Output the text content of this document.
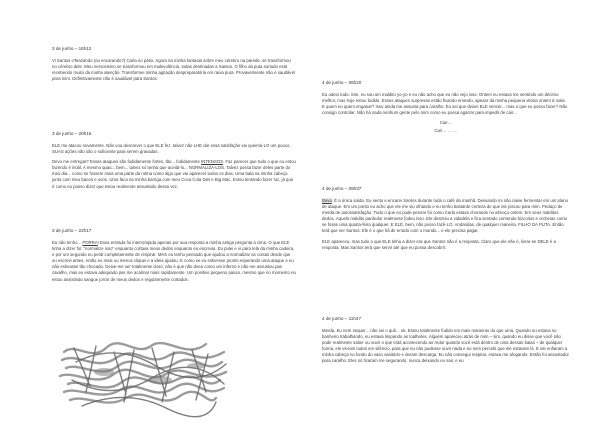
3 de junho – 16h12

Vi Santos oTeazando (ou encarando?) Carla no pátio. Agora na minha fantasia sobre meu cérebro na parede, se transformou no cérebro dele. Meu nervosismo se transformou em malevolência, todas destinadas a Santos. O filho da puta sortudo está recebendo muito da minha atenção. Transformei minha agitação despreparatória em raiva pura. Provavelmente não é saudável para mim. Definitivamente não é saudável para Santos.

3 de junho – 20h15

ELE me atacou novamente. Não vou descrever o que ELE fez, talvez não LHE dar essa satisfação vai queimá-LO um pouco. SUAS ações não são o suficiente para serem gravadas.

Devo me entregar? Essas ataques são fodidamente fortes, tão... fodidamente INTENSOS. Faz parecer que tudo o que eu estou fazendo é inútil. A mesmo quas... bem... talvez só tenha que aceitá-lo... NORMALIZÁ-LOS. Talvez possa fazer deles parte do meu dia... como se fossem mais uma parte da rotina como algo que vai aparecer todos os dias. Uma bala na minha cabeça junto com meu bacon e ovos. Uma faca na minha barriga com meu Coca Cola Diet e Big Mac. Estou tentando fazer luz, já que é como eu posso dizer que estou realmente assustado dessa vez.

3 de junho – 22h17

Eu não tenho... PORRA! Essa entrada foi interrompida apenas por sua resposta a minha antiga pergunta a cima. O que ELE tinha a dizer foi: "normalize isso" enquanto cortava meus dedos enquanto eu escrevia. Eu pulei e vi para tela da minha cadeira, e por um segundo eu perdi completamente de respirar. MAS eu tenho pensado que ajudou a normalizar as coisas desde que eu escrevi antes, então eu mais ou menos cliquei e a ideia ajudou. E como se eu estivesse pronto esperando uma ataque e eu não estivasse tão chocado. Deixe-me ser totalmente claro, não é que não doeu como um inferno e não me assustou pas cavalho, mas eu estava adequado pas me acalmar mais rapidamente. Um positivo pequeno passo, mesmo que no momento eu estou assistindo sangue jorrar de meus dedos e regularmente cortados.

4 de junho – 06h20

Eu odeio tudo. Sim, eu sou um maldito yo-yo e eu não acho que eu não vejo isso. Ontem eu estava me sentindo um décimo melhor, mas hoje estou fodido. Esses ataques surpresas estão ficando errando, apesar da minha pequena vitória ontem à noite. E quem eu quero enganar? Isso ainda me assusta para caralho. Eu sei que deixei ELE vencer... mas o que eu posso fazer? Não consigo controlar. Não há nada nenhum gente pelo mim como eu possa agarrar para impedir de cair...

Cair…

Cair… … …

4 de junho – 09h37

Bava. É a única saída. Eu sento e encarei Santos durante toda o café da manhã. Desvando mi não naive fermentar em um plano de ataque. Em um ponto eu acho que ele me viu olhando e eu tenho bastante certeza de que ele piscou para mim. Pedaço de merda de autossatisfação. Tudo o que eu pude pensar foi como Carla estava chorando no almoço ontem. Em seus malditos dedos. Aquele maldito pardedor realmente fodeu isso. Ele destruiu a vidadela e fica sentado comendo bizcoitos e orcheias como se fosse uma quarta-feira qualquer. E ELE, bem, não posso fazê-LO. Andaridas, de qualquer maneira. FILHO DA PUTA. Então terá que ser Santos. Ele é o que há de errado com o mundo... e ele precisa pagar.

ELE apareceu, mas tudo o que ELE tinha a dizer era que Santos não é a resposta. Claro que ele não é, livrar-se DELE é a resposta. Mas Santos terá que servir até que eu possa descobrir.

4 de junho – 11h47

Merda. Eu nem sequer... não sei o quê... ok. Estou totalmente fodido em mais maneiras do que uma. Quando eu estava no banheiro trabalhando, eu estava limpando as toalhetes. Alguém apareceu atrás de mim – sim, quando eu disse que você não pode realmente saber ou ouvir o que está acontecendo ao redor quando você está dentro de uma dessas baias – de qualquer forma, ele vieram todos em silêncio, para que eu não pudesse ouvir nada e eu nem percebi que ele estavam lá. E ele enfiaram a minha cabeça no fundo do vaso sanitário e deram descarga. Eu não consegui respirar, estava me afogando. Então foi assustador para caralho. Eles só ficaram me segurando, nunca deixando eu sair, e eu
